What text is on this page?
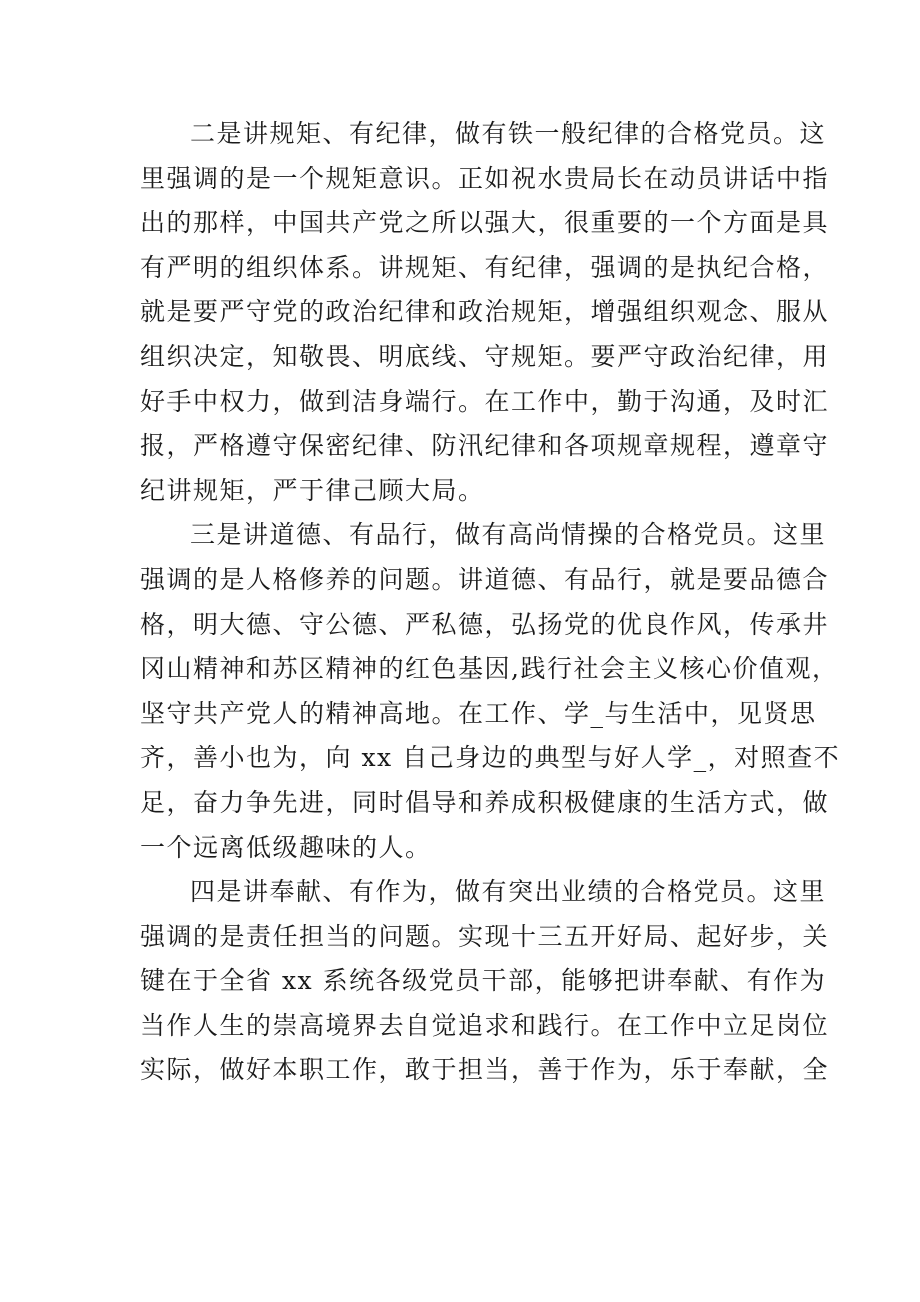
二是讲规矩、有纪律，做有铁一般纪律的合格党员。这
里强调的是一个规矩意识。正如祝水贵局长在动员讲话中指
出的那样，中国共产党之所以强大，很重要的一个方面是具
有严明的组织体系。讲规矩、有纪律，强调的是执纪合格，
就是要严守党的政治纪律和政治规矩，增强组织观念、服从
组织决定，知敬畏、明底线、守规矩。要严守政治纪律，用
好手中权力，做到洁身端行。在工作中，勤于沟通，及时汇
报，严格遵守保密纪律、防汛纪律和各项规章规程，遵章守
纪讲规矩，严于律己顾大局。
三是讲道德、有品行，做有高尚情操的合格党员。这里
强调的是人格修养的问题。讲道德、有品行，就是要品德合
格，明大德、守公德、严私德，弘扬党的优良作风，传承井
冈山精神和苏区精神的红色基因,践行社会主义核心价值观，
坚守共产党人的精神高地。在工作、学_与生活中，见贤思
齐，善小也为，向 xx 自己身边的典型与好人学_，对照查不
足，奋力争先进，同时倡导和养成积极健康的生活方式，做
一个远离低级趣味的人。
四是讲奉献、有作为，做有突出业绩的合格党员。这里
强调的是责任担当的问题。实现十三五开好局、起好步，关
键在于全省 xx 系统各级党员干部，能够把讲奉献、有作为
当作人生的崇高境界去自觉追求和践行。在工作中立足岗位
实际，做好本职工作，敢于担当，善于作为，乐于奉献，全
